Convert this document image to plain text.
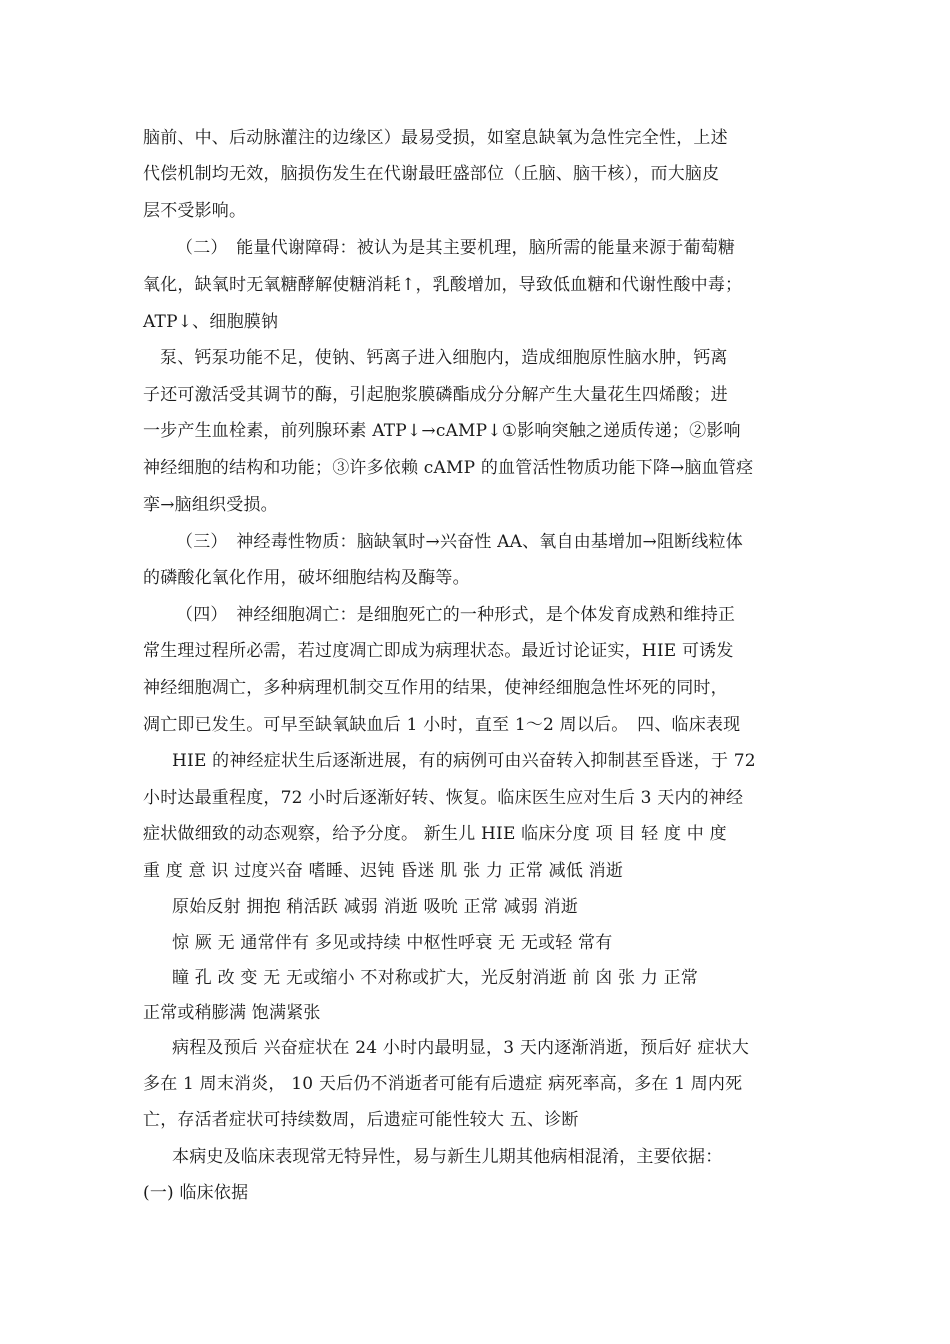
脑前、中、后动脉灌注的边缘区）最易受损，如窒息缺氧为急性完全性，上述
代偿机制均无效，脑损伤发生在代谢最旺盛部位（丘脑、脑干核），而大脑皮
层不受影响。
（二）　能量代谢障碍：被认为是其主要机理，脑所需的能量来源于葡萄糖
氧化，缺氧时无氧糖酵解使糖消耗↑，乳酸增加，导致低血糖和代谢性酸中毒；
ATP↓、细胞膜钠
泵、钙泵功能不足，使钠、钙离子进入细胞内，造成细胞原性脑水肿，钙离
子还可激活受其调节的酶，引起胞浆膜磷酯成分分解产生大量花生四烯酸；进
一步产生血栓素，前列腺环素 ATP↓→cAMP↓①影响突触之递质传递；②影响
神经细胞的结构和功能；③许多依赖 cAMP 的血管活性物质功能下降→脑血管痉
挛→脑组织受损。
（三）　神经毒性物质：脑缺氧时→兴奋性 AA、氧自由基增加→阻断线粒体
的磷酸化氧化作用，破坏细胞结构及酶等。
（四）　神经细胞凋亡：是细胞死亡的一种形式，是个体发育成熟和维持正
常生理过程所必需，若过度凋亡即成为病理状态。最近讨论证实，HIE 可诱发
神经细胞凋亡，多种病理机制交互作用的结果，使神经细胞急性坏死的同时，
凋亡即已发生。可早至缺氧缺血后 1 小时，直至 1～2 周以后。　四、临床表现
HIE 的神经症状生后逐渐进展，有的病例可由兴奋转入抑制甚至昏迷，于 72
小时达最重程度，72 小时后逐渐好转、恢复。临床医生应对生后 3 天内的神经
症状做细致的动态观察，给予分度。 新生儿 HIE 临床分度 项 目 轻 度 中 度
重 度 意 识 过度兴奋 嗜睡、迟钝 昏迷 肌 张 力 正常 减低 消逝
原始反射 拥抱 稍活跃 减弱 消逝 吸吮 正常 减弱 消逝
惊 厥 无 通常伴有 多见或持续 中枢性呼衰 无 无或轻 常有
瞳 孔 改 变 无 无或缩小 不对称或扩大，光反射消逝 前 囟 张 力 正常
正常或稍膨满 饱满紧张
病程及预后 兴奋症状在 24 小时内最明显，3 天内逐渐消逝，预后好 症状大
多在 1 周末消炎， 10 天后仍不消逝者可能有后遗症 病死率高，多在 1 周内死
亡，存活者症状可持续数周，后遗症可能性较大 五、诊断
本病史及临床表现常无特异性，易与新生儿期其他病相混淆，主要依据：
(一) 临床依据
